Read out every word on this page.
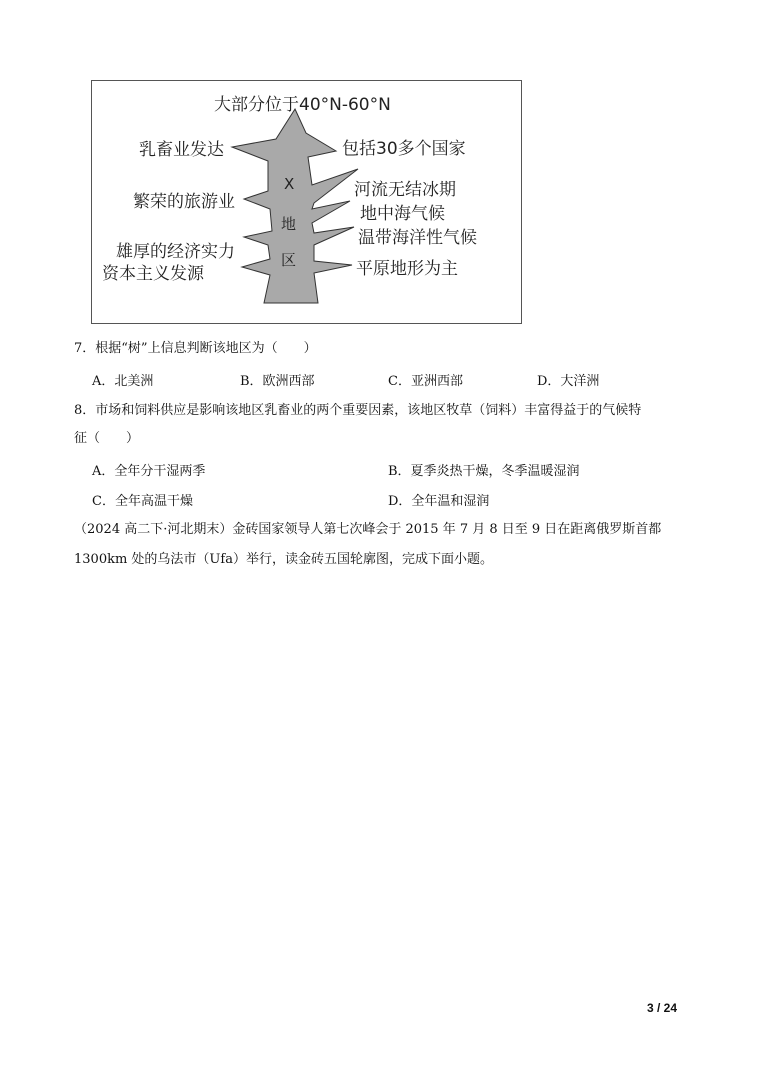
大部分位于40°N-60°N
乳畜业发达
繁荣的旅游业
雄厚的经济实力
资本主义发源
包括30多个国家
河流无结冰期
地中海气候
温带海洋性气候
平原地形为主
X
地
区
7．根据“树”上信息判断该地区为（　　）
A．北美洲	B．欧洲西部	C．亚洲西部	D．大洋洲
8．市场和饲料供应是影响该地区乳畜业的两个重要因素，该地区牧草（饲料）丰富得益于的气候特
征（　　）
A．全年分干湿两季	B．夏季炎热干燥，冬季温暖湿润
C．全年高温干燥	D．全年温和湿润
（2024 高二下·河北期末）金砖国家领导人第七次峰会于 2015 年 7 月 8 日至 9 日在距离俄罗斯首都
1300km 处的乌法市（Ufa）举行，读金砖五国轮廓图，完成下面小题。
3 / 24
